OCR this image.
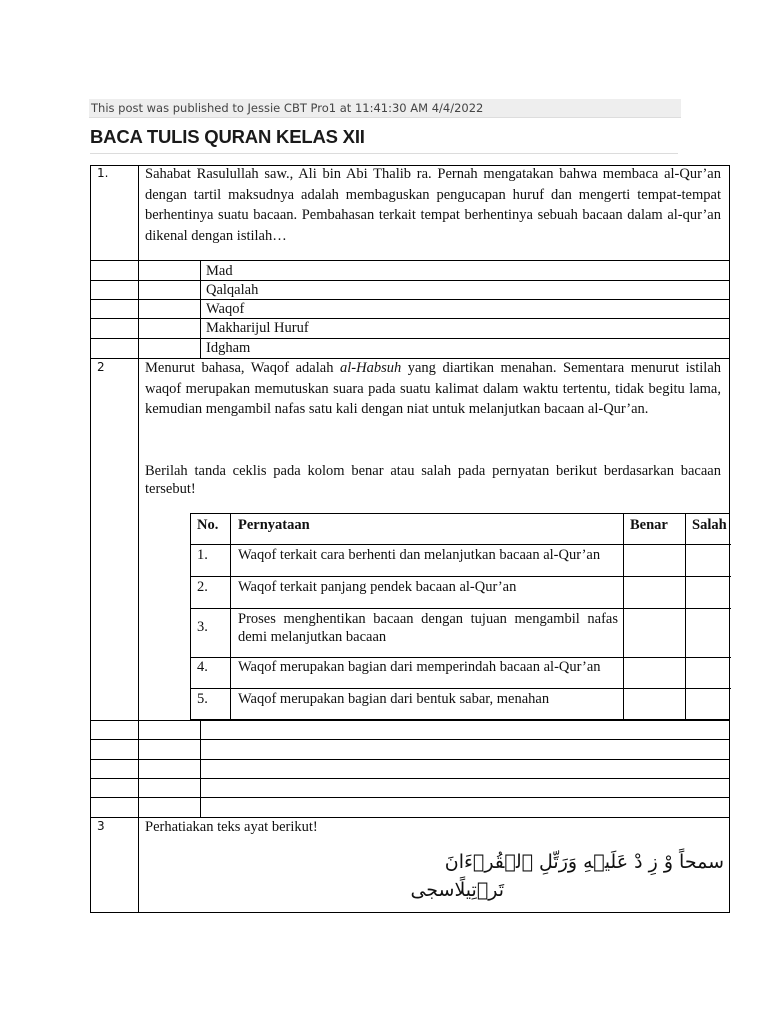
This post was published to Jessie CBT Pro1 at 11:41:30 AM 4/4/2022
BACA TULIS QURAN KELAS XII
1.	Sahabat Rasulullah saw., Ali bin Abi Thalib ra. Pernah mengatakan bahwa membaca al-Qur’an dengan tartil maksudnya adalah membaguskan pengucapan huruf dan mengerti tempat-tempat berhentinya suatu bacaan. Pembahasan terkait tempat berhentinya sebuah bacaan dalam al-qur’an dikenal dengan istilah…
Mad
Qalqalah
Waqof
Makharijul Huruf
Idgham
2	Menurut bahasa, Waqof adalah al-Habsuh yang diartikan menahan. Sementara menurut istilah waqof merupakan memutuskan suara pada suatu kalimat dalam waktu tertentu, tidak begitu lama, kemudian mengambil nafas satu kali dengan niat untuk melanjutkan bacaan al-Qur’an.
Berilah tanda ceklis pada kolom benar atau salah pada pernyatan berikut berdasarkan bacaan tersebut!
No. Pernyataan	Benar Salah
1. Waqof terkait cara berhenti dan melanjutkan bacaan al-Qur’an
2. Waqof terkait panjang pendek bacaan al-Qur’an
3. Proses menghentikan bacaan dengan tujuan mengambil nafas demi melanjutkan bacaan
4. Waqof merupakan bagian dari memperindah bacaan al-Qur’an
5. Waqof merupakan bagian dari bentuk sabar, menahan
3	Perhatiakan teks ayat berikut!
سمحاً وْ زِ دْ عَلَيۡهِ وَرَتِّلِ ٱلۡقُرۡءَانَ
تَرۡتِيلًاسجى
